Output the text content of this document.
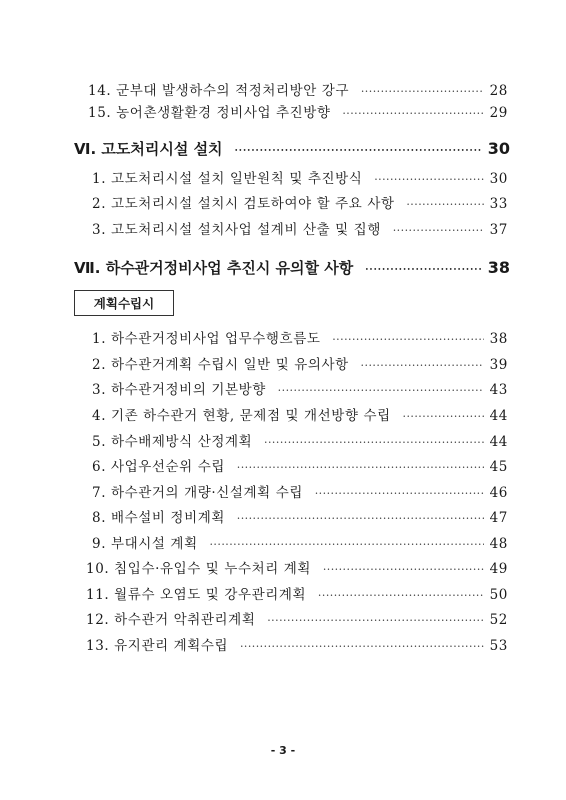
14. 군부대 발생하수의 적정처리방안 강구 •••••	28
15. 농어촌생활환경 정비사업 추진방향 •••••	29
Ⅵ. 고도처리시설 설치 •••••	30
1. 고도처리시설 설치 일반원칙 및 추진방식 •••••	30
2. 고도처리시설 설치시 검토하여야 할 주요 사항 •••••	33
3. 고도처리시설 설치사업 설계비 산출 및 집행 •••••	37
Ⅶ. 하수관거정비사업 추진시 유의할 사항 •••••	38
계획수립시
1. 하수관거정비사업 업무수행흐름도 •••••	38
2. 하수관거계획 수립시 일반 및 유의사항 •••••	39
3. 하수관거정비의 기본방향 •••••	43
4. 기존 하수관거 현황, 문제점 및 개선방향 수립 •••••	44
5. 하수배제방식 산정계획 •••••	44
6. 사업우선순위 수립 •••••	45
7. 하수관거의 개량·신설계획 수립 •••••	46
8. 배수설비 정비계획 •••••	47
9. 부대시설 계획 •••••	48
10. 침입수·유입수 및 누수처리 계획 •••••	49
11. 월류수 오염도 및 강우관리계획 •••••	50
12. 하수관거 악취관리계획 •••••	52
13. 유지관리 계획수립 •••••	53
- 3 -
